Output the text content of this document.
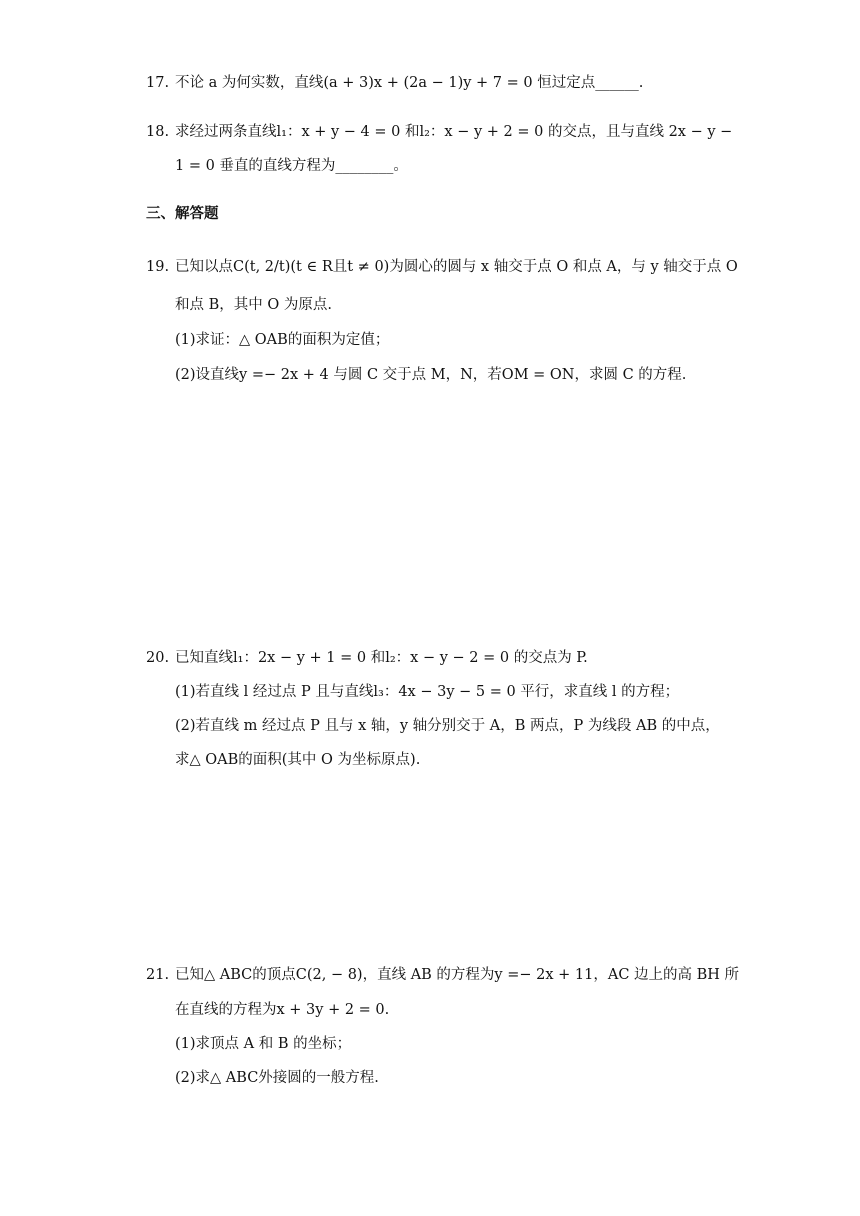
17. 不论 a 为何实数，直线(a + 3)x + (2a − 1)y + 7 = 0 恒过定点______.
18. 求经过两条直线l₁：x + y − 4 = 0 和l₂：x − y + 2 = 0 的交点，且与直线 2x − y −
1 = 0 垂直的直线方程为________。
三、解答题
19. 已知以点C(t, 2/t)(t ∈ R且t ≠ 0)为圆心的圆与 x 轴交于点 O 和点 A，与 y 轴交于点 O
和点 B，其中 O 为原点.
(1)求证：△ OAB的面积为定值；
(2)设直线y =− 2x + 4 与圆 C 交于点 M，N，若OM = ON，求圆 C 的方程.
20. 已知直线l₁：2x − y + 1 = 0 和l₂：x − y − 2 = 0 的交点为 P.
(1)若直线 l 经过点 P 且与直线l₃：4x − 3y − 5 = 0 平行，求直线 l 的方程；
(2)若直线 m 经过点 P 且与 x 轴，y 轴分别交于 A，B 两点，P 为线段 AB 的中点，
求△ OAB的面积(其中 O 为坐标原点).
21. 已知△ ABC的顶点C(2, − 8)，直线 AB 的方程为y =− 2x + 11，AC 边上的高 BH 所
在直线的方程为x + 3y + 2 = 0.
(1)求顶点 A 和 B 的坐标；
(2)求△ ABC外接圆的一般方程.
